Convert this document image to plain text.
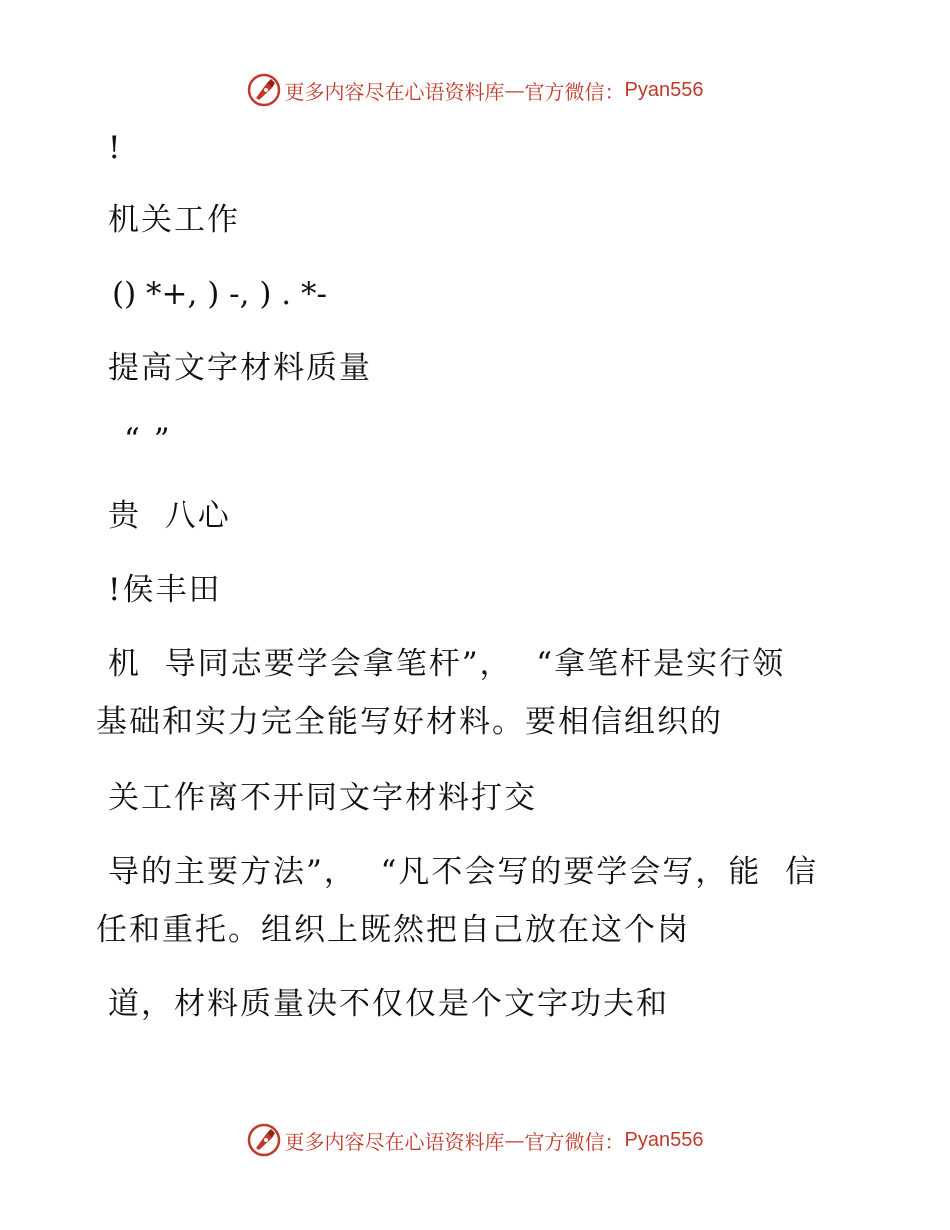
更多内容尽在心语资料库 — 官方微信： Pyan556
!
机关工作
() *+, ) -, ) . *-
提高文字材料质量
“ ”
贵  八心
!侯丰田
机  导同志要学会拿笔杆”，  “拿笔杆是实行领
基础和实力完全能写好材料。要相信组织的
关工作离不开同文字材料打交
导的主要方法”，  “凡不会写的要学会写，能  信
任和重托。组织上既然把自己放在这个岗
道，材料质量决不仅仅是个文字功夫和
更多内容尽在心语资料库 — 官方微信： Pyan556
